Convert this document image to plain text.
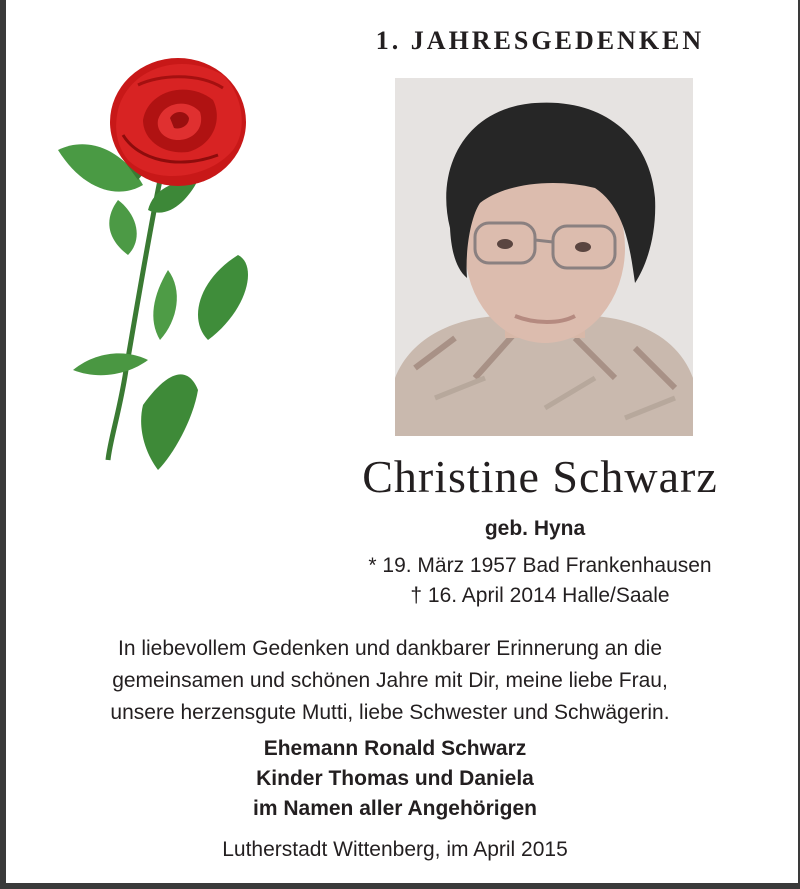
1. JAHRESGEDENKEN
Christine Schwarz
geb. Hyna
* 19. März 1957 Bad Frankenhausen
† 16. April 2014 Halle/Saale
In liebevollem Gedenken und dankbarer Erinnerung an die
gemeinsamen und schönen Jahre mit Dir, meine liebe Frau,
unsere herzensgute Mutti, liebe Schwester und Schwägerin.
Ehemann Ronald Schwarz
Kinder Thomas und Daniela
im Namen aller Angehörigen
Lutherstadt Wittenberg, im April 2015
